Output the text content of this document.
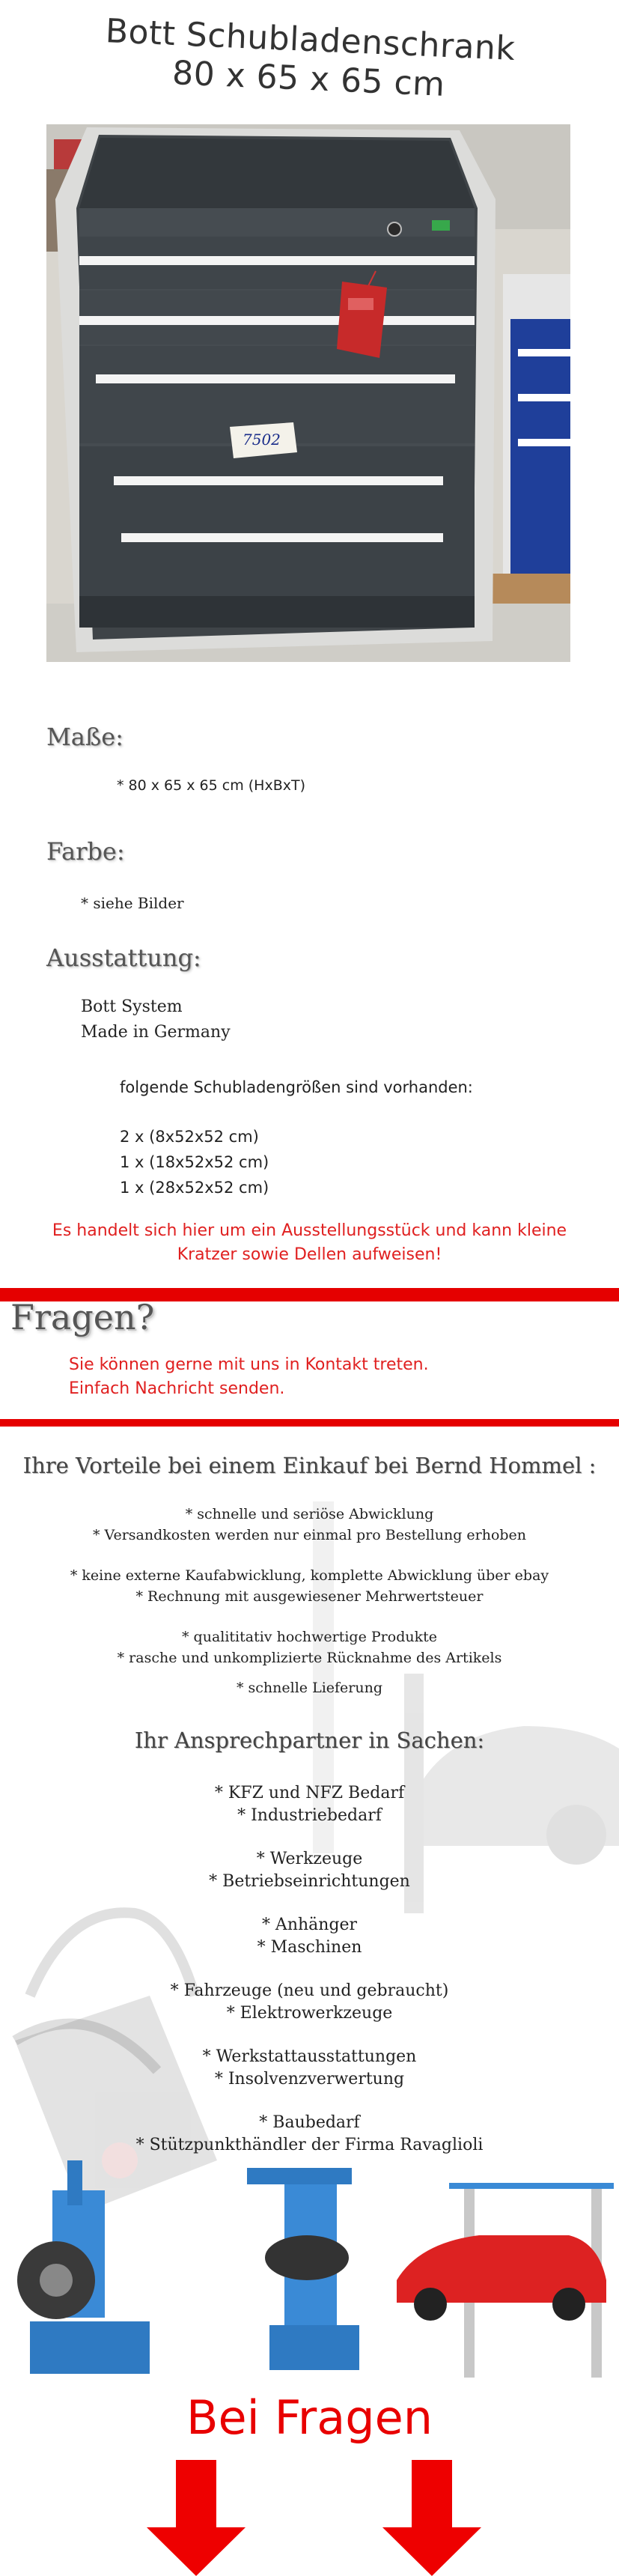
Bott Schubladenschrank
80 x 65 x 65 cm
7502
Maße:
* 80 x 65 x 65 cm (HxBxT)
Farbe:
* siehe Bilder
Ausstattung:
Bott System
Made in Germany
folgende Schubladengrößen sind vorhanden:
2 x (8x52x52 cm)
1 x (18x52x52 cm)
1 x (28x52x52 cm)
Es handelt sich hier um ein Ausstellungsstück und kann kleine
Kratzer sowie Dellen aufweisen!
Fragen?
Sie können gerne mit uns in Kontakt treten.
Einfach Nachricht senden.
Ihre Vorteile bei einem Einkauf bei Bernd Hommel :
* schnelle und seriöse Abwicklung
* Versandkosten werden nur einmal pro Bestellung erhoben
* keine externe Kaufabwicklung, komplette Abwicklung über ebay
* Rechnung mit ausgewiesener Mehrwertsteuer
* qualititativ hochwertige Produkte
* rasche und unkomplizierte Rücknahme des Artikels
* schnelle Lieferung
Ihr Ansprechpartner in Sachen:
* KFZ und NFZ Bedarf
* Industriebedarf
* Werkzeuge
* Betriebseinrichtungen
* Anhänger
* Maschinen
* Fahrzeuge (neu und gebraucht)
* Elektrowerkzeuge
* Werkstattausstattungen
* Insolvenzverwertung
* Baubedarf
* Stützpunkthändler der Firma Ravaglioli
Bei Fragen
